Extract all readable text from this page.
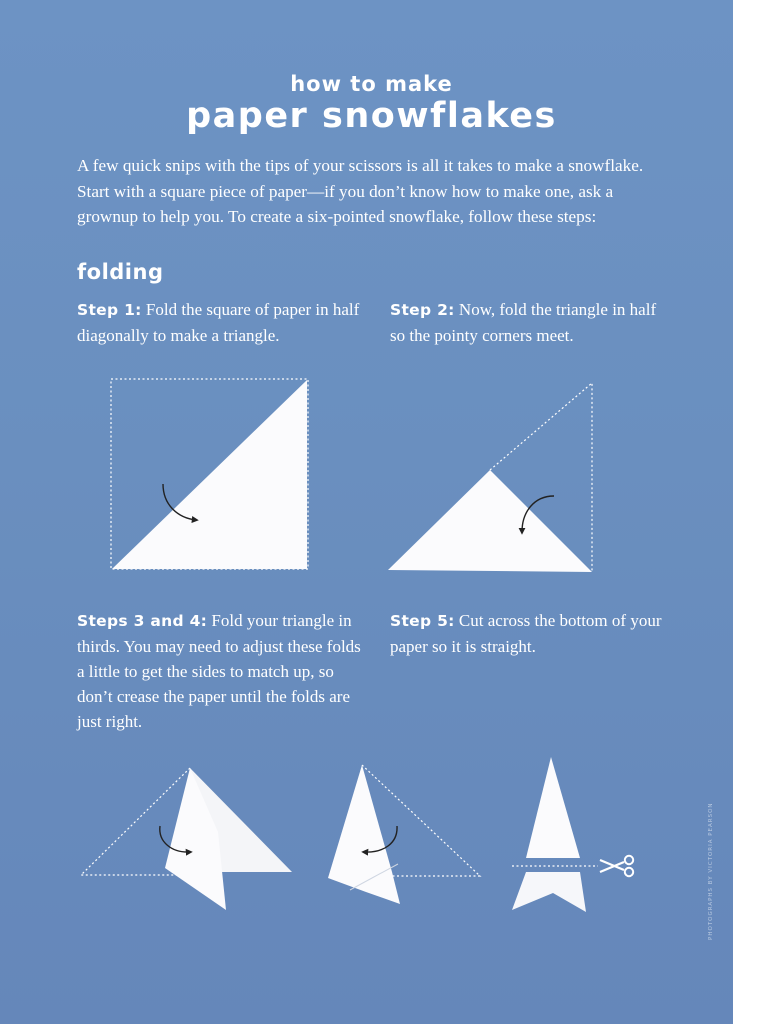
how to make
paper snowflakes

A few quick snips with the tips of your scissors is all it takes to make a snowflake. Start with a square piece of paper—if you don’t know how to make one, ask a grownup to help you. To create a six-pointed snowflake, follow these steps:

folding

Step 1: Fold the square of paper in half diagonally to make a triangle.

Step 2: Now, fold the triangle in half so the pointy corners meet.

Steps 3 and 4: Fold your triangle in thirds. You may need to adjust these folds a little to get the sides to match up, so don’t crease the paper until the folds are just right.

Step 5: Cut across the bottom of your paper so it is straight.

PHOTOGRAPHS BY VICTORIA PEARSON
